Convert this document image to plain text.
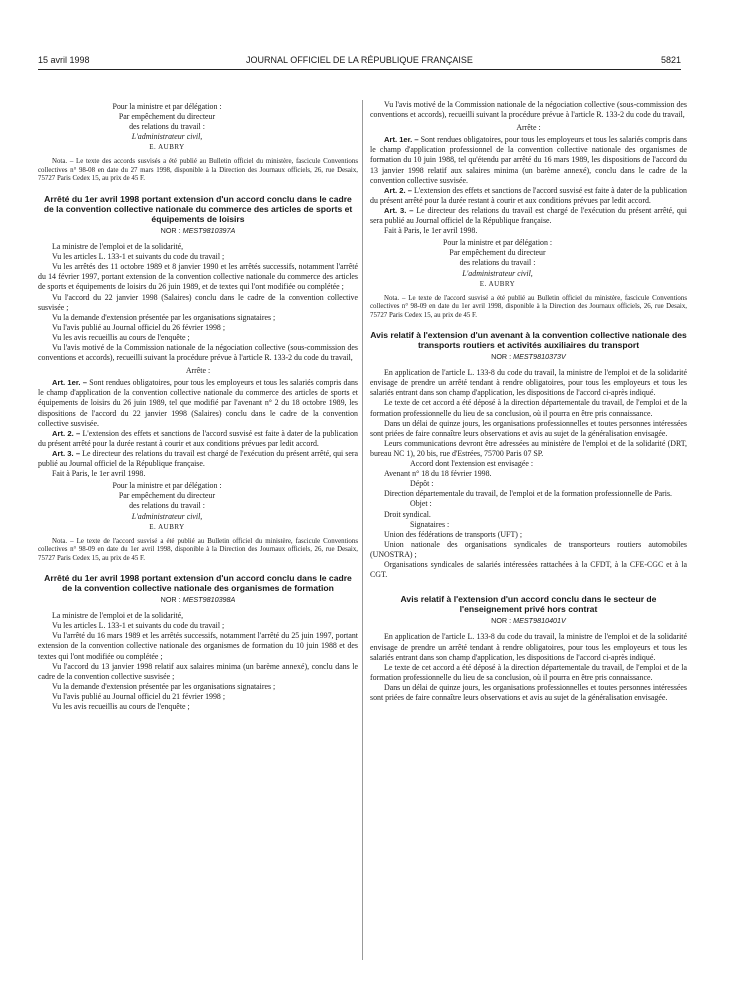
15 avril 1998	JOURNAL OFFICIEL DE LA RÉPUBLIQUE FRANÇAISE	5821

Pour la ministre et par délégation :

Par empêchement du directeur

des relations du travail :

L'administrateur civil,

E. AUBRY

Nota. – Le texte des accords susvisés a été publié au Bulletin officiel du ministère, fascicule Conventions collectives n° 98-08 en date du 27 mars 1998, disponible à la Direction des Journaux officiels, 26, rue Desaix, 75727 Paris Cedex 15, au prix de 45 F.

Arrêté du 1er avril 1998 portant extension d'un accord conclu dans le cadre de la convention collective nationale du commerce des articles de sports et équipements de loisirs
NOR : MESТ9810397A

La ministre de l'emploi et de la solidarité,

Vu les articles L. 133-1 et suivants du code du travail ;

Vu les arrêtés des 11 octobre 1989 et 8 janvier 1990 et les arrêtés successifs, notamment l'arrêté du 14 février 1997, portant extension de la convention collective nationale du commerce des articles de sports et équipements de loisirs du 26 juin 1989, et de textes qui l'ont modifiée ou complétée ;

Vu l'accord du 22 janvier 1998 (Salaires) conclu dans le cadre de la convention collective susvisée ;

Vu la demande d'extension présentée par les organisations signataires ;

Vu l'avis publié au Journal officiel du 26 février 1998 ;

Vu les avis recueillis au cours de l'enquête ;

Vu l'avis motivé de la Commission nationale de la négociation collective (sous-commission des conventions et accords), recueilli suivant la procédure prévue à l'article R. 133-2 du code du travail,

Arrête :

Art. 1er. – Sont rendues obligatoires, pour tous les employeurs et tous les salariés compris dans le champ d'application de la convention collective nationale du commerce des articles de sports et équipements de loisirs du 26 juin 1989, tel que modifié par l'avenant n° 2 du 18 octobre 1989, les dispositions de l'accord du 22 janvier 1998 (Salaires) conclu dans le cadre de la convention collective susvisée.

Art. 2. – L'extension des effets et sanctions de l'accord susvisé est faite à dater de la publication du présent arrêté pour la durée restant à courir et aux conditions prévues par ledit accord.

Art. 3. – Le directeur des relations du travail est chargé de l'exécution du présent arrêté, qui sera publié au Journal officiel de la République française.

Fait à Paris, le 1er avril 1998.

Pour la ministre et par délégation :

Par empêchement du directeur

des relations du travail :

L'administrateur civil,

E. AUBRY

Nota. – Le texte de l'accord susvisé a été publié au Bulletin officiel du ministère, fascicule Conventions collectives n° 98-09 en date du 1er avril 1998, disponible à la Direction des Journaux officiels, 26, rue Desaix, 75727 Paris Cedex 15, au prix de 45 F.

Arrêté du 1er avril 1998 portant extension d'un accord conclu dans le cadre de la convention collective nationale des organismes de formation
NOR : MESТ9810398A

La ministre de l'emploi et de la solidarité,

Vu les articles L. 133-1 et suivants du code du travail ;

Vu l'arrêté du 16 mars 1989 et les arrêtés successifs, notamment l'arrêté du 25 juin 1997, portant extension de la convention collective nationale des organismes de formation du 10 juin 1988 et des textes qui l'ont modifiée ou complétée ;

Vu l'accord du 13 janvier 1998 relatif aux salaires minima (un barème annexé), conclu dans le cadre de la convention collective susvisée ;

Vu la demande d'extension présentée par les organisations signataires ;

Vu l'avis publié au Journal officiel du 21 février 1998 ;

Vu les avis recueillis au cours de l'enquête ;

Vu l'avis motivé de la Commission nationale de la négociation collective (sous-commission des conventions et accords), recueilli suivant la procédure prévue à l'article R. 133-2 du code du travail,

Arrête :

Art. 1er. – Sont rendues obligatoires, pour tous les employeurs et tous les salariés compris dans le champ d'application professionnel de la convention collective nationale des organismes de formation du 10 juin 1988, tel qu'étendu par arrêté du 16 mars 1989, les dispositions de l'accord du 13 janvier 1998 relatif aux salaires minima (un barème annexé), conclu dans le cadre de la convention collective susvisée.

Art. 2. – L'extension des effets et sanctions de l'accord susvisé est faite à dater de la publication du présent arrêté pour la durée restant à courir et aux conditions prévues par ledit accord.

Art. 3. – Le directeur des relations du travail est chargé de l'exécution du présent arrêté, qui sera publié au Journal officiel de la République française.

Fait à Paris, le 1er avril 1998.

Pour la ministre et par délégation :

Par empêchement du directeur

des relations du travail :

L'administrateur civil,

E. AUBRY

Nota. – Le texte de l'accord susvisé a été publié au Bulletin officiel du ministère, fascicule Conventions collectives n° 98-09 en date du 1er avril 1998, disponible à la Direction des Journaux officiels, 26, rue Desaix, 75727 Paris Cedex 15, au prix de 45 F.

Avis relatif à l'extension d'un avenant à la convention collective nationale des transports routiers et activités auxiliaires du transport
NOR : MEST9810373V

En application de l'article L. 133-8 du code du travail, la ministre de l'emploi et de la solidarité envisage de prendre un arrêté tendant à rendre obligatoires, pour tous les employeurs et tous les salariés entrant dans son champ d'application, les dispositions de l'accord ci-après indiqué.

Le texte de cet accord a été déposé à la direction départementale du travail, de l'emploi et de la formation professionnelle du lieu de sa conclusion, où il pourra en être pris connaissance.

Dans un délai de quinze jours, les organisations professionnelles et toutes personnes intéressées sont priées de faire connaître leurs observations et avis au sujet de la généralisation envisagée.

Leurs communications devront être adressées au ministère de l'emploi et de la solidarité (DRT, bureau NC 1), 20 bis, rue d'Estrées, 75700 Paris 07 SP.

Accord dont l'extension est envisagée :

Avenant n° 18 du 18 février 1998.

Dépôt :

Direction départementale du travail, de l'emploi et de la formation professionnelle de Paris.

Objet :

Droit syndical.

Signataires :

Union des fédérations de transports (UFT) ;

Union nationale des organisations syndicales de transporteurs routiers automobiles (UNOSTRA) ;

Organisations syndicales de salariés intéressées rattachées à la CFDT, à la CFE-CGC et à la CGT.

Avis relatif à l'extension d'un accord conclu dans le secteur de l'enseignement privé hors contrat
NOR : MEST9810401V

En application de l'article L. 133-8 du code du travail, la ministre de l'emploi et de la solidarité envisage de prendre un arrêté tendant à rendre obligatoires, pour tous les employeurs et tous les salariés entrant dans son champ d'application, les dispositions de l'accord ci-après indiqué.

Le texte de cet accord a été déposé à la direction départementale du travail, de l'emploi et de la formation professionnelle du lieu de sa conclusion, où il pourra en être pris connaissance.

Dans un délai de quinze jours, les organisations professionnelles et toutes personnes intéressées sont priées de faire connaître leurs observations et avis au sujet de la généralisation envisagée.
